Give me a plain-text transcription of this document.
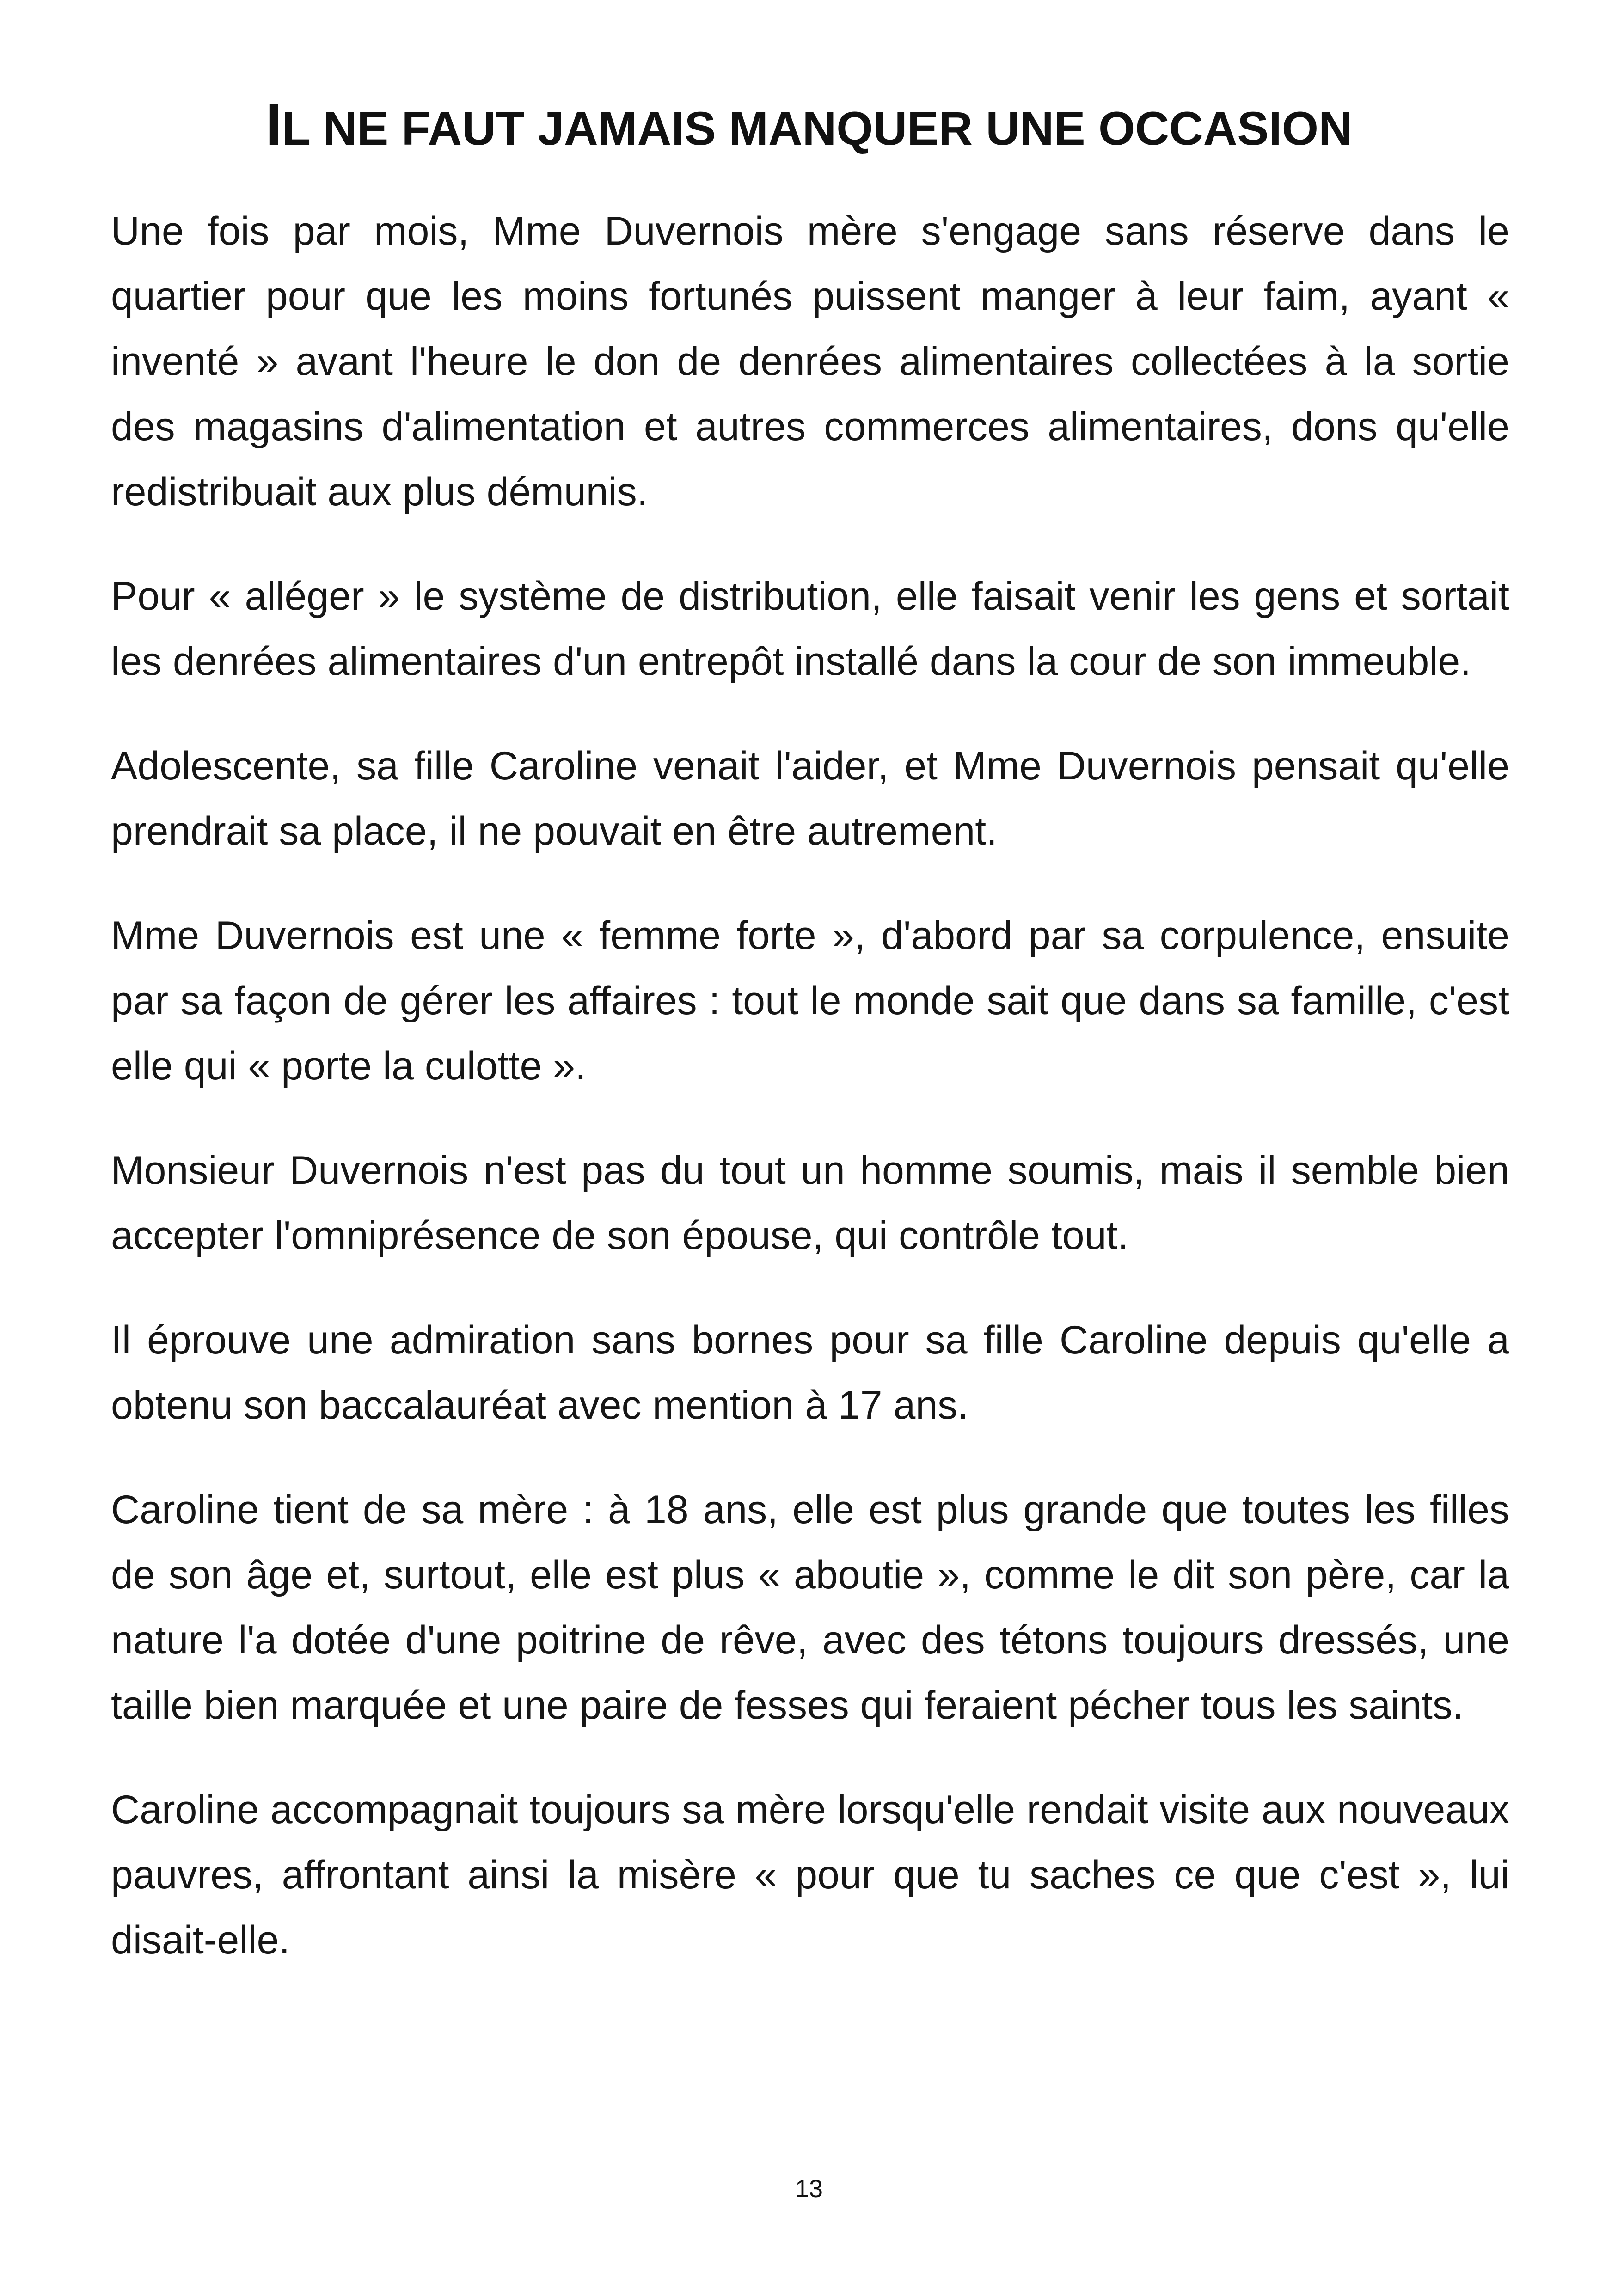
IL NE FAUT JAMAIS MANQUER UNE OCCASION

Une fois par mois, Mme Duvernois mère s'engage sans réserve dans le quartier pour que les moins fortunés puissent manger à leur faim, ayant « inventé » avant l'heure le don de denrées alimentaires collectées à la sortie des magasins d'alimentation et autres commerces alimentaires, dons qu'elle redistribuait aux plus démunis.

Pour « alléger » le système de distribution, elle faisait venir les gens et sortait les denrées alimentaires d'un entrepôt installé dans la cour de son immeuble.

Adolescente, sa fille Caroline venait l'aider, et Mme Duvernois pensait qu'elle prendrait sa place, il ne pouvait en être autrement.

Mme Duvernois est une « femme forte », d'abord par sa corpulence, ensuite par sa façon de gérer les affaires : tout le monde sait que dans sa famille, c'est elle qui « porte la culotte ».

Monsieur Duvernois n'est pas du tout un homme soumis, mais il semble bien accepter l'omniprésence de son épouse, qui contrôle tout.

Il éprouve une admiration sans bornes pour sa fille Caroline depuis qu'elle a obtenu son baccalauréat avec mention à 17 ans.

Caroline tient de sa mère : à 18 ans, elle est plus grande que toutes les filles de son âge et, surtout, elle est plus « aboutie », comme le dit son père, car la nature l'a dotée d'une poitrine de rêve, avec des tétons toujours dressés, une taille bien marquée et une paire de fesses qui feraient pécher tous les saints.

Caroline accompagnait toujours sa mère lorsqu'elle rendait visite aux nouveaux pauvres, affrontant ainsi la misère « pour que tu saches ce que c'est », lui disait-elle.

13
